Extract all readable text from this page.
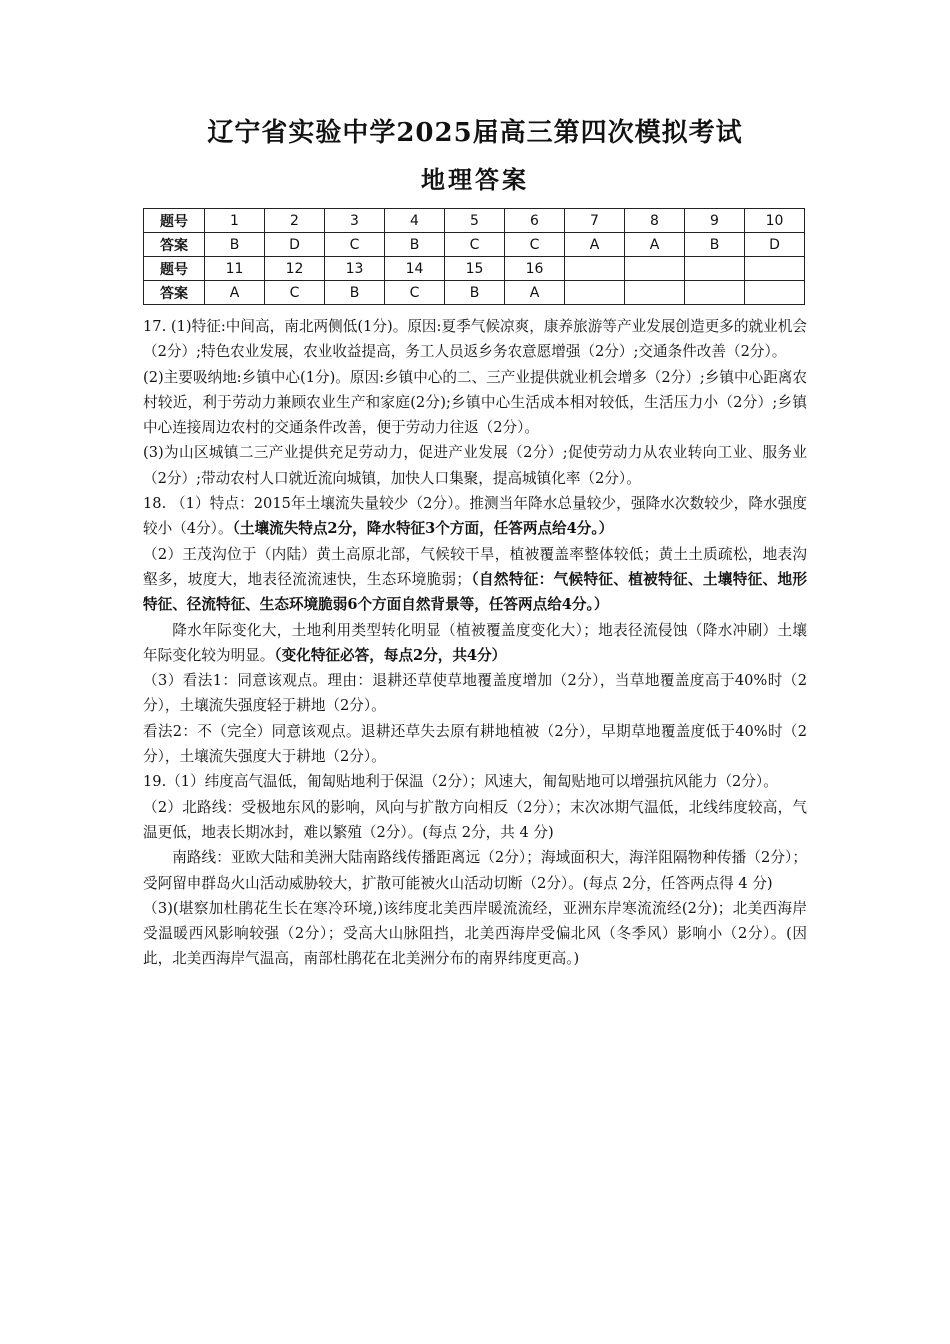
辽宁省实验中学2025届高三第四次模拟考试
地理答案
题号	1	2	3	4	5	6	7	8	9	10
答案	B	D	C	B	C	C	A	A	B	D
题号	11	12	13	14	15	16				
答案	A	C	B	C	B	A				

17. (1)特征:中间高，南北两侧低(1分)。原因:夏季气候凉爽，康养旅游等产业发展创造更多的就业机会（2分）;特色农业发展，农业收益提高，务工人员返乡务农意愿增强（2分）;交通条件改善（2分）。

(2)主要吸纳地:乡镇中心(1分)。原因:乡镇中心的二、三产业提供就业机会增多（2分）;乡镇中心距离农村较近，利于劳动力兼顾农业生产和家庭(2分);乡镇中心生活成本相对较低，生活压力小（2分）;乡镇中心连接周边农村的交通条件改善，便于劳动力往返（2分）。

(3)为山区城镇二三产业提供充足劳动力，促进产业发展（2分）;促使劳动力从农业转向工业、服务业（2分）;带动农村人口就近流向城镇，加快人口集聚，提高城镇化率（2分）。

18. （1）特点：2015年土壤流失量较少（2分）。推测当年降水总量较少，强降水次数较少，降水强度较小（4分）。（土壤流失特点2分，降水特征3个方面，任答两点给4分。）

（2）王茂沟位于（内陆）黄土高原北部，气候较干旱，植被覆盖率整体较低；黄土土质疏松，地表沟壑多，坡度大，地表径流流速快，生态环境脆弱；（自然特征：气候特征、植被特征、土壤特征、地形特征、径流特征、生态环境脆弱6个方面自然背景等，任答两点给4分。）

降水年际变化大，土地利用类型转化明显（植被覆盖度变化大）；地表径流侵蚀（降水冲刷）土壤年际变化较为明显。（变化特征必答，每点2分，共4分）

（3）看法1：同意该观点。理由：退耕还草使草地覆盖度增加（2分），当草地覆盖度高于40%时（2分），土壤流失强度轻于耕地（2分）。

看法2：不（完全）同意该观点。退耕还草失去原有耕地植被（2分），早期草地覆盖度低于40%时（2分），土壤流失强度大于耕地（2分）。

19.（1）纬度高气温低，匍匐贴地利于保温（2分）；风速大，匍匐贴地可以增强抗风能力（2分）。

（2）北路线：受极地东风的影响，风向与扩散方向相反（2分）；末次冰期气温低，北线纬度较高，气温更低，地表长期冰封，难以繁殖（2分）。(每点 2分，共 4 分)

南路线：亚欧大陆和美洲大陆南路线传播距离远（2分）；海域面积大，海洋阻隔物种传播（2分）；受阿留申群岛火山活动威胁较大，扩散可能被火山活动切断（2分）。(每点 2分，任答两点得 4 分)

（3)(堪察加杜鹃花生长在寒冷环境,)该纬度北美西岸暖流流经，亚洲东岸寒流流经(2分)；北美西海岸受温暖西风影响较强（2分）；受高大山脉阻挡，北美西海岸受偏北风（冬季风）影响小（2分）。(因此，北美西海岸气温高，南部杜鹃花在北美洲分布的南界纬度更高。)
